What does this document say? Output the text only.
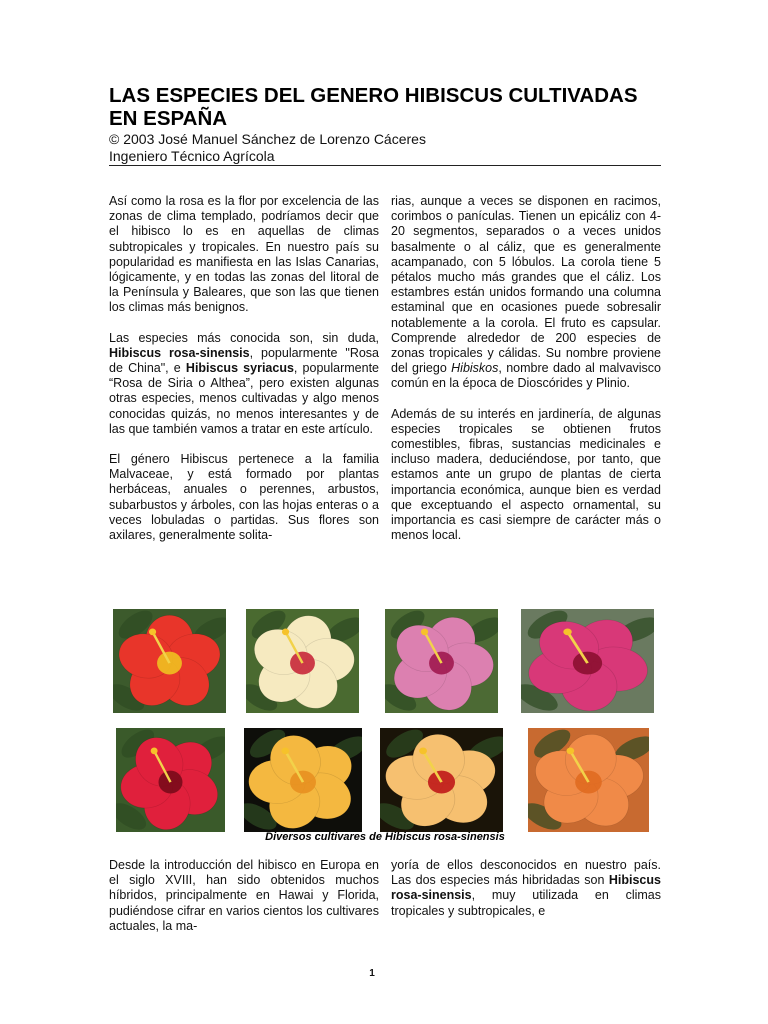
LAS ESPECIES DEL GENERO HIBISCUS CULTIVADAS EN ESPAÑA
© 2003 José Manuel Sánchez de Lorenzo Cáceres
Ingeniero Técnico Agrícola

Así como la rosa es la flor por excelencia de las zonas de clima templado, podríamos decir que el hibisco lo es en aquellas de climas subtropicales y tropicales. En nuestro país su popularidad es manifiesta en las Islas Canarias, lógicamente, y en todas las zonas del litoral de la Península y Baleares, que son las que tienen los climas más benignos.

Las especies más conocida son, sin duda, Hibiscus rosa-sinensis, popularmente "Rosa de China", e Hibiscus syriacus, popularmente “Rosa de Siria o Althea”, pero existen algunas otras especies, menos cultivadas y algo menos conocidas quizás, no menos interesantes y de las que también vamos a tratar en este artículo.

El género Hibiscus pertenece a la familia Malvaceae, y está formado por plantas herbáceas, anuales o perennes, arbustos, subarbustos y árboles, con las hojas enteras o a veces lobuladas o partidas. Sus flores son axilares, generalmente solita-

rias, aunque a veces se disponen en racimos, corimbos o panículas. Tienen un epicáliz con 4-20 segmentos, separados o a veces unidos basalmente o al cáliz, que es generalmente acampanado, con 5 lóbulos. La corola tiene 5 pétalos mucho más grandes que el cáliz. Los estambres están unidos formando una columna estaminal que en ocasiones puede sobresalir notablemente a la corola. El fruto es capsular. Comprende alrededor de 200 especies de zonas tropicales y cálidas. Su nombre proviene del griego Hibiskos, nombre dado al malvavisco común en la época de Dioscórides y Plinio.

Además de su interés en jardinería, de algunas especies tropicales se obtienen frutos comestibles, fibras, sustancias medicinales e incluso madera, deduciéndose, por tanto, que estamos ante un grupo de plantas de cierta importancia económica, aunque bien es verdad que exceptuando el aspecto ornamental, su importancia es casi siempre de carácter más o menos local.

Diversos cultivares de Hibiscus rosa-sinensis

Desde la introducción del hibisco en Europa en el siglo XVIII, han sido obtenidos muchos híbridos, principalmente en Hawai y Florida, pudiéndose cifrar en varios cientos los cultivares actuales, la ma-

yoría de ellos desconocidos en nuestro país. Las dos especies más hibridadas son Hibiscus rosa-sinensis, muy utilizada en climas tropicales y subtropicales, e

1
